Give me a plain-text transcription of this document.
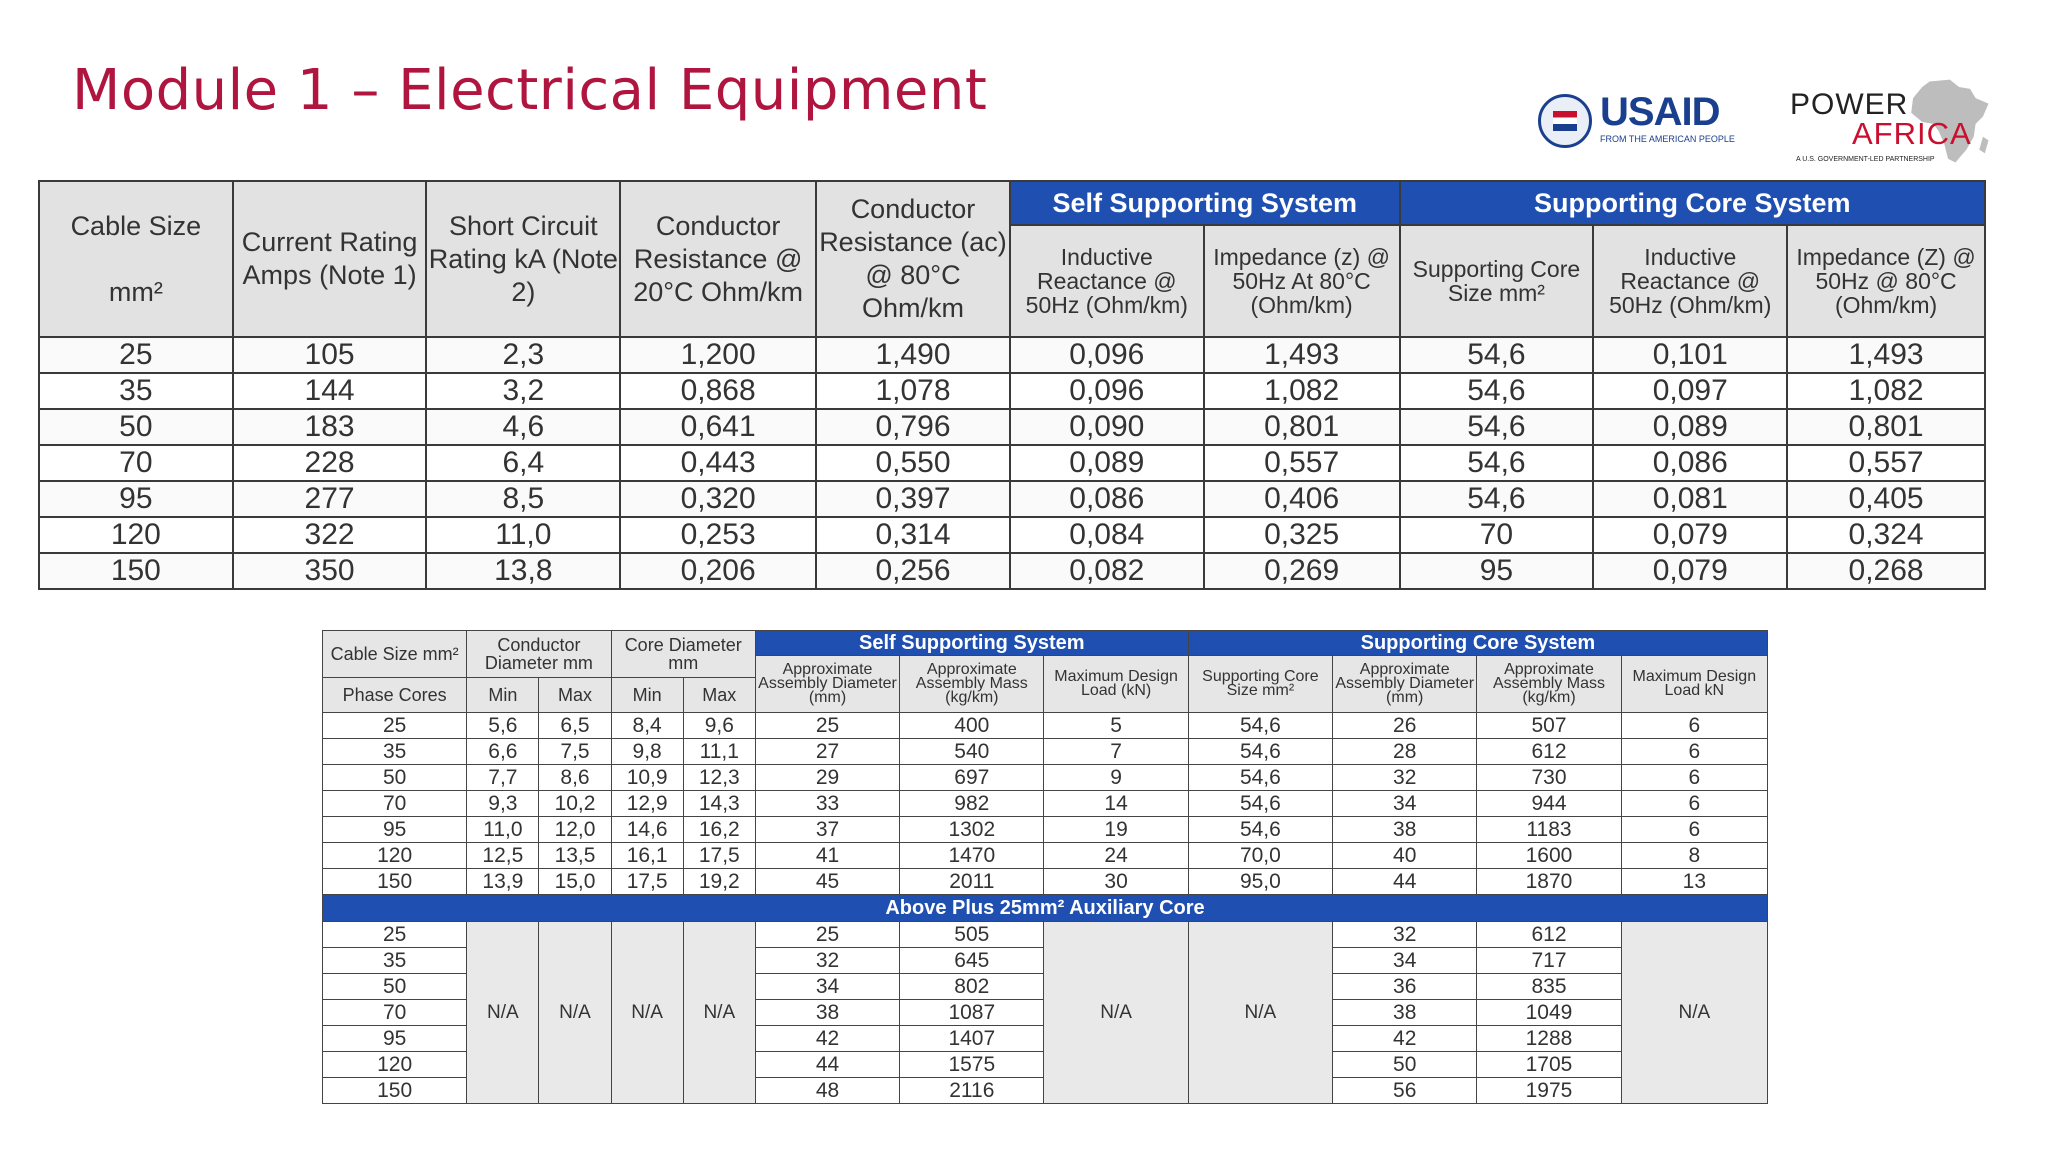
Module 1 – Electrical Equipment	USAID
FROM THE AMERICAN PEOPLE
POWER
AFRICA
A U.S. GOVERNMENT-LED PARTNERSHIP
Cable Size

mm²	Current Rating Amps (Note 1)	Short Circuit Rating kA (Note 2)	Conductor Resistance @ 20°C Ohm/km	Conductor Resistance (ac) @ 80°C Ohm/km	Self Supporting System		Supporting Core System		
					Inductive Reactance @ 50Hz (Ohm/km)	Impedance (z) @ 50Hz At 80°C (Ohm/km)	Supporting Core Size mm²	Inductive Reactance @ 50Hz (Ohm/km)	Impedance (Z) @ 50Hz @ 80°C (Ohm/km)
25	105	2,3	1,200	1,490	0,096	1,493	54,6	0,101	1,493
35	144	3,2	0,868	1,078	0,096	1,082	54,6	0,097	1,082
50	183	4,6	0,641	0,796	0,090	0,801	54,6	0,089	0,801
70	228	6,4	0,443	0,550	0,089	0,557	54,6	0,086	0,557
95	277	8,5	0,320	0,397	0,086	0,406	54,6	0,081	0,405
120	322	11,0	0,253	0,314	0,084	0,325	70	0,079	0,324
150	350	13,8	0,206	0,256	0,082	0,269	95	0,079	0,268
Cable Size mm²	Conductor Diameter mm		Core Diameter mm		Self Supporting System			Supporting Core System			
					Approximate Assembly Diameter (mm)	Approximate Assembly Mass (kg/km)	Maximum Design Load (kN)	Supporting Core Size mm²	Approximate Assembly Diameter (mm)	Approximate Assembly Mass (kg/km)	Maximum Design Load kN
Phase Cores	Min	Max	Min	Max							
25	5,6	6,5	8,4	9,6	25	400	5	54,6	26	507	6
35	6,6	7,5	9,8	11,1	27	540	7	54,6	28	612	6
50	7,7	8,6	10,9	12,3	29	697	9	54,6	32	730	6
70	9,3	10,2	12,9	14,3	33	982	14	54,6	34	944	6
95	11,0	12,0	14,6	16,2	37	1302	19	54,6	38	1183	6
120	12,5	13,5	16,1	17,5	41	1470	24	70,0	40	1600	8
150	13,9	15,0	17,5	19,2	45	2011	30	95,0	44	1870	13
Above Plus 25mm² Auxiliary Core											
25	N/A	N/A	N/A	N/A	25	505	N/A	N/A	32	612	N/A
35					32	645			34	717	
50					34	802			36	835	
70					38	1087			38	1049	
95					42	1407			42	1288	
120					44	1575			50	1705	
150					48	2116			56	1975	
